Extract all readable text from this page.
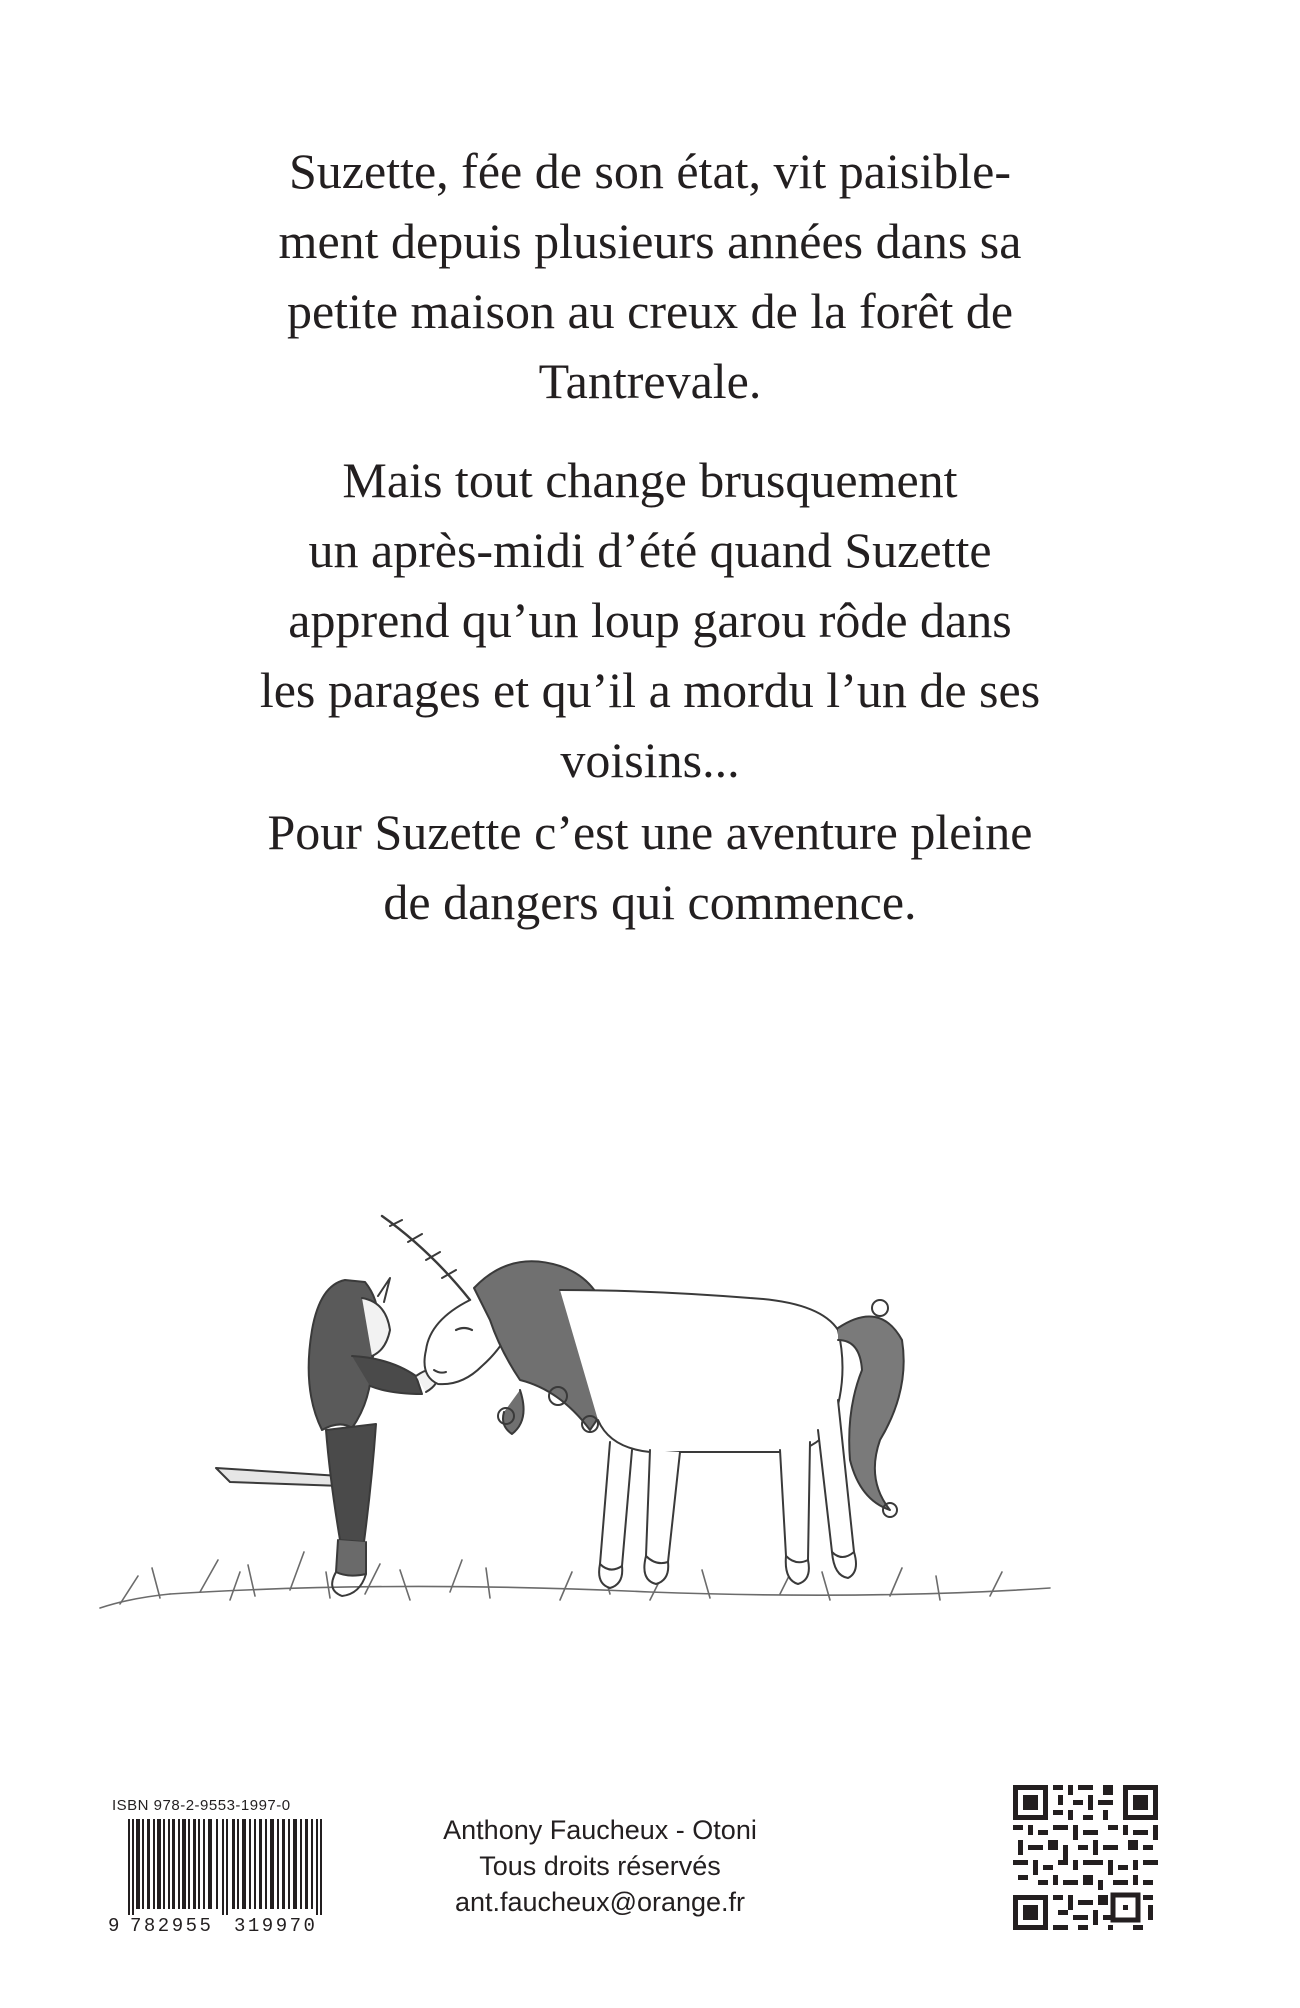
Suzette, fée de son état, vit paisible-
ment depuis plusieurs années dans sa
petite maison au creux de la forêt de
Tantrevale.
Mais tout change brusquement
un après-midi d’été quand Suzette
apprend qu’un loup garou rôde dans
les parages et qu’il a mordu l’un de ses
voisins...
Pour Suzette c’est une aventure pleine
de dangers qui commence.
ISBN 978-2-9553-1997-0
9 782955 319970
Anthony Faucheux - Otoni
Tous droits réservés
ant.faucheux@orange.fr
